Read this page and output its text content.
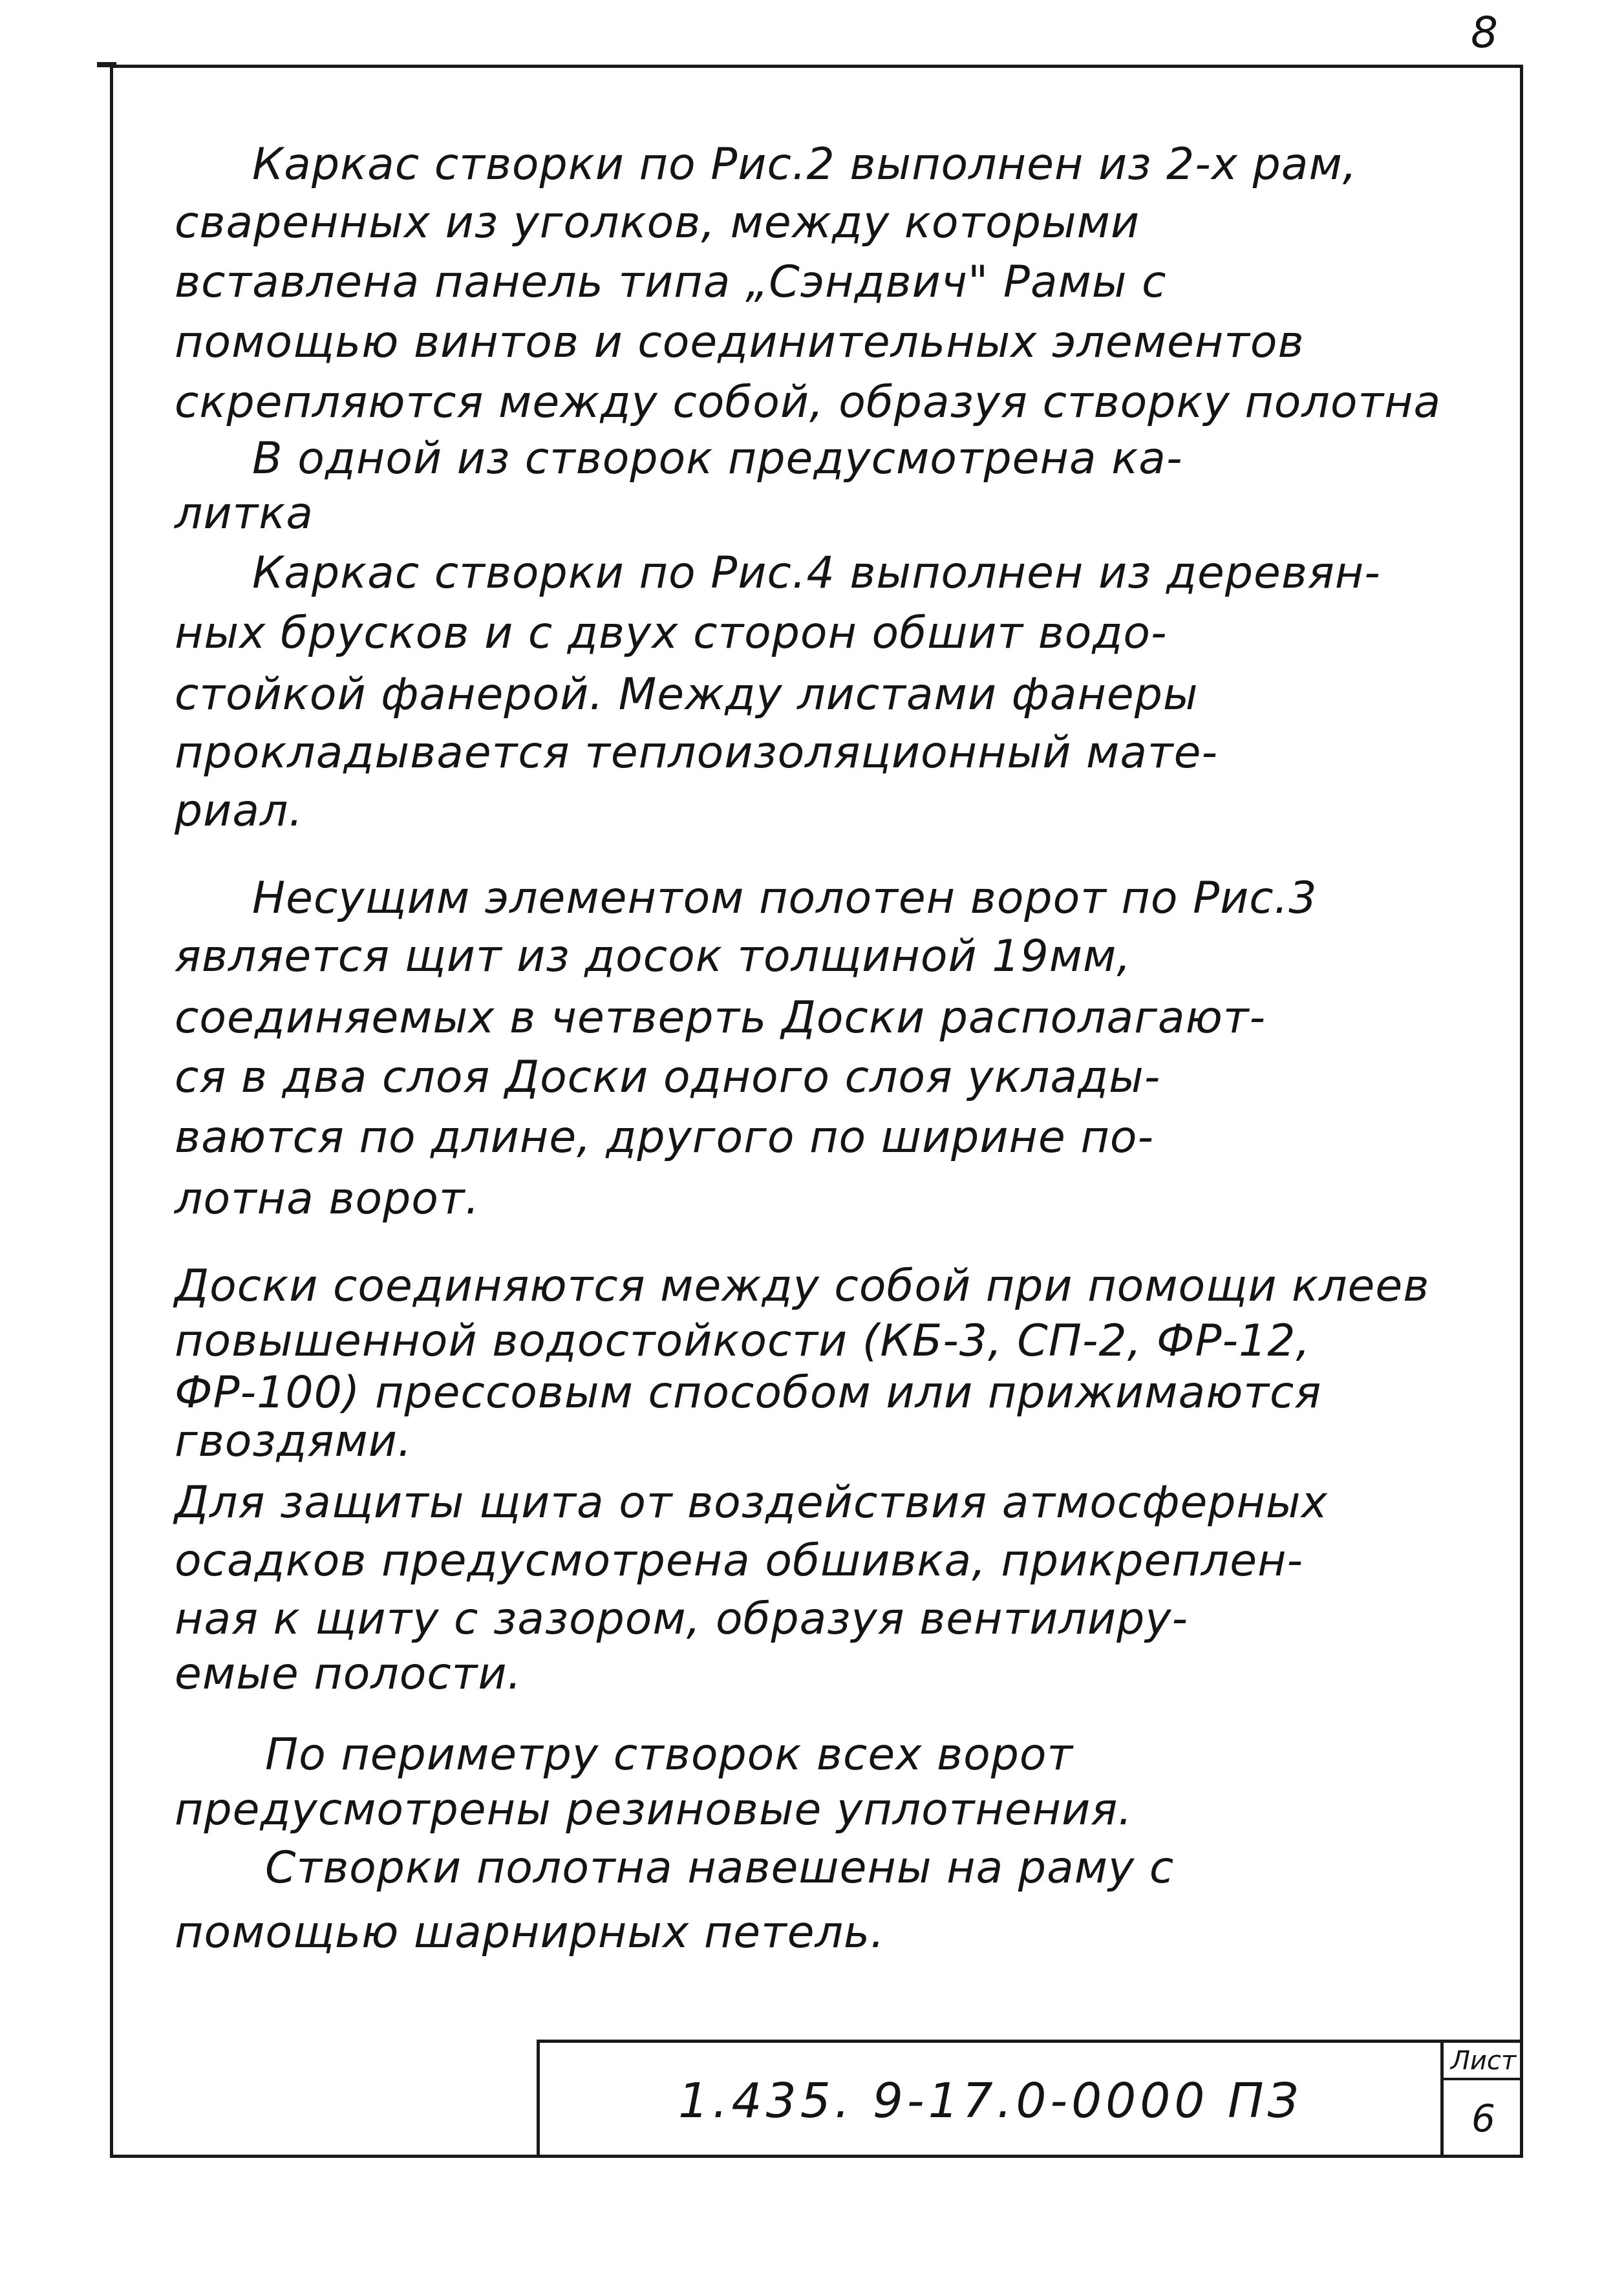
8
Каркас створки по Рис.2 выполнен из 2-х рам,
сваренных из уголков, между которыми
вставлена панель типа „Сэндвич" Рамы с
помощью винтов и соединительных элементов
скрепляются между собой, образуя створку полотна
В одной из створок предусмотрена ка-
литка
Каркас створки по Рис.4 выполнен из деревян-
ных брусков и с двух сторон обшит водо-
стойкой фанерой. Между листами фанеры
прокладывается теплоизоляционный мате-
риал.
Несущим элементом полотен ворот по Рис.3
является щит из досок толщиной 19мм,
соединяемых в четверть Доски располагают-
ся в два слоя Доски одного слоя уклады-
ваются по длине, другого по ширине по-
лотна ворот.
Доски соединяются между собой при помощи клеев
повышенной водостойкости (КБ-3, СП-2, ФР-12,
ФР-100) прессовым способом или прижимаются
гвоздями.
Для защиты щита от воздействия атмосферных
осадков предусмотрена обшивка, прикреплен-
ная к щиту с зазором, образуя вентилиру-
емые полости.
По периметру створок всех ворот
предусмотрены резиновые уплотнения.
Створки полотна навешены на раму с
помощью шарнирных петель.
1.435. 9-17.0-0000 ПЗ
Лист
6
